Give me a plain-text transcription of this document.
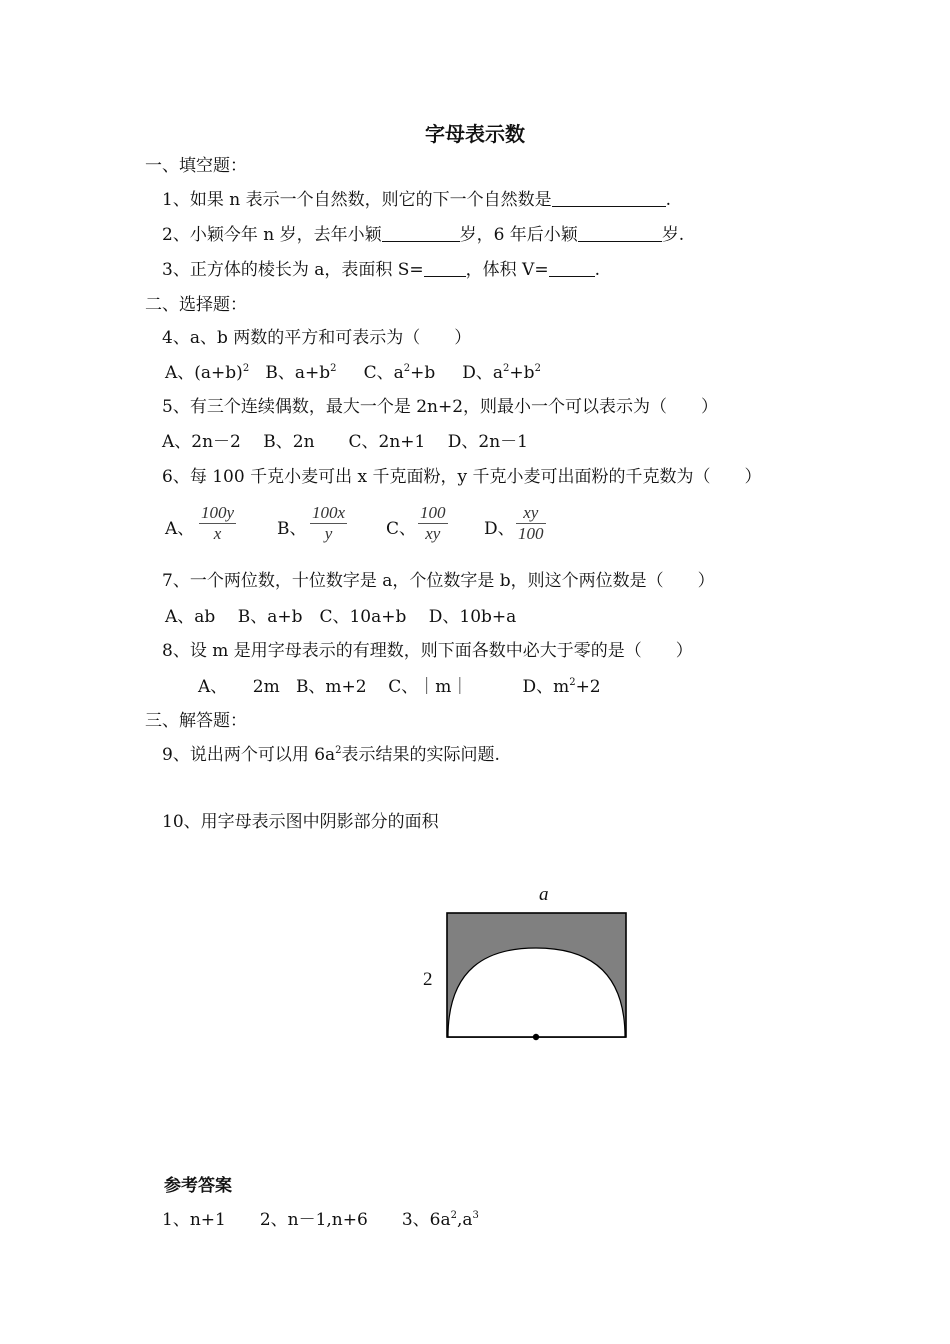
字母表示数
一、填空题：
1、如果 n 表示一个自然数，则它的下一个自然数是	.
2、小颖今年 n 岁，去年小颖	岁，6 年后小颖	岁.
3、正方体的棱长为 a，表面积 S= ，体积 V=	.
二、选择题：
4、a、b 两数的平方和可表示为（　　）
A、$(a+b)^2$ B、$a+b^2$ C、$a^2+b$ D、$a^2+b^2$
5、有三个连续偶数，最大一个是 2n+2，则最小一个可以表示为（　　）
A、2n－2　 B、2n　　C、2n+1　 D、2n－1
6、每 100 千克小麦可出 x 千克面粉，y 千克小麦可出面粉的千克数为（　　）
A、
100y
x	B、
100x
y	C、
100
xy	D、
xy
100
7、一个两位数，十位数字是 a，个位数字是 b，则这个两位数是（　　）
A、ab　 B、a+b　C、10a+b　 D、10b+a
8、设 m 是用字母表示的有理数，则下面各数中必大于零的是（　　）
A、　　2m B、m+2 C、｜m｜	D、$m^2+2$
三、解答题：
9、说出两个可以用 $6a^2$表示结果的实际问题.
10、用字母表示图中阴影部分的面积
a
2
参考答案
1、n+1　　2、n－1,n+6　　3、$6a^2,a^3$
